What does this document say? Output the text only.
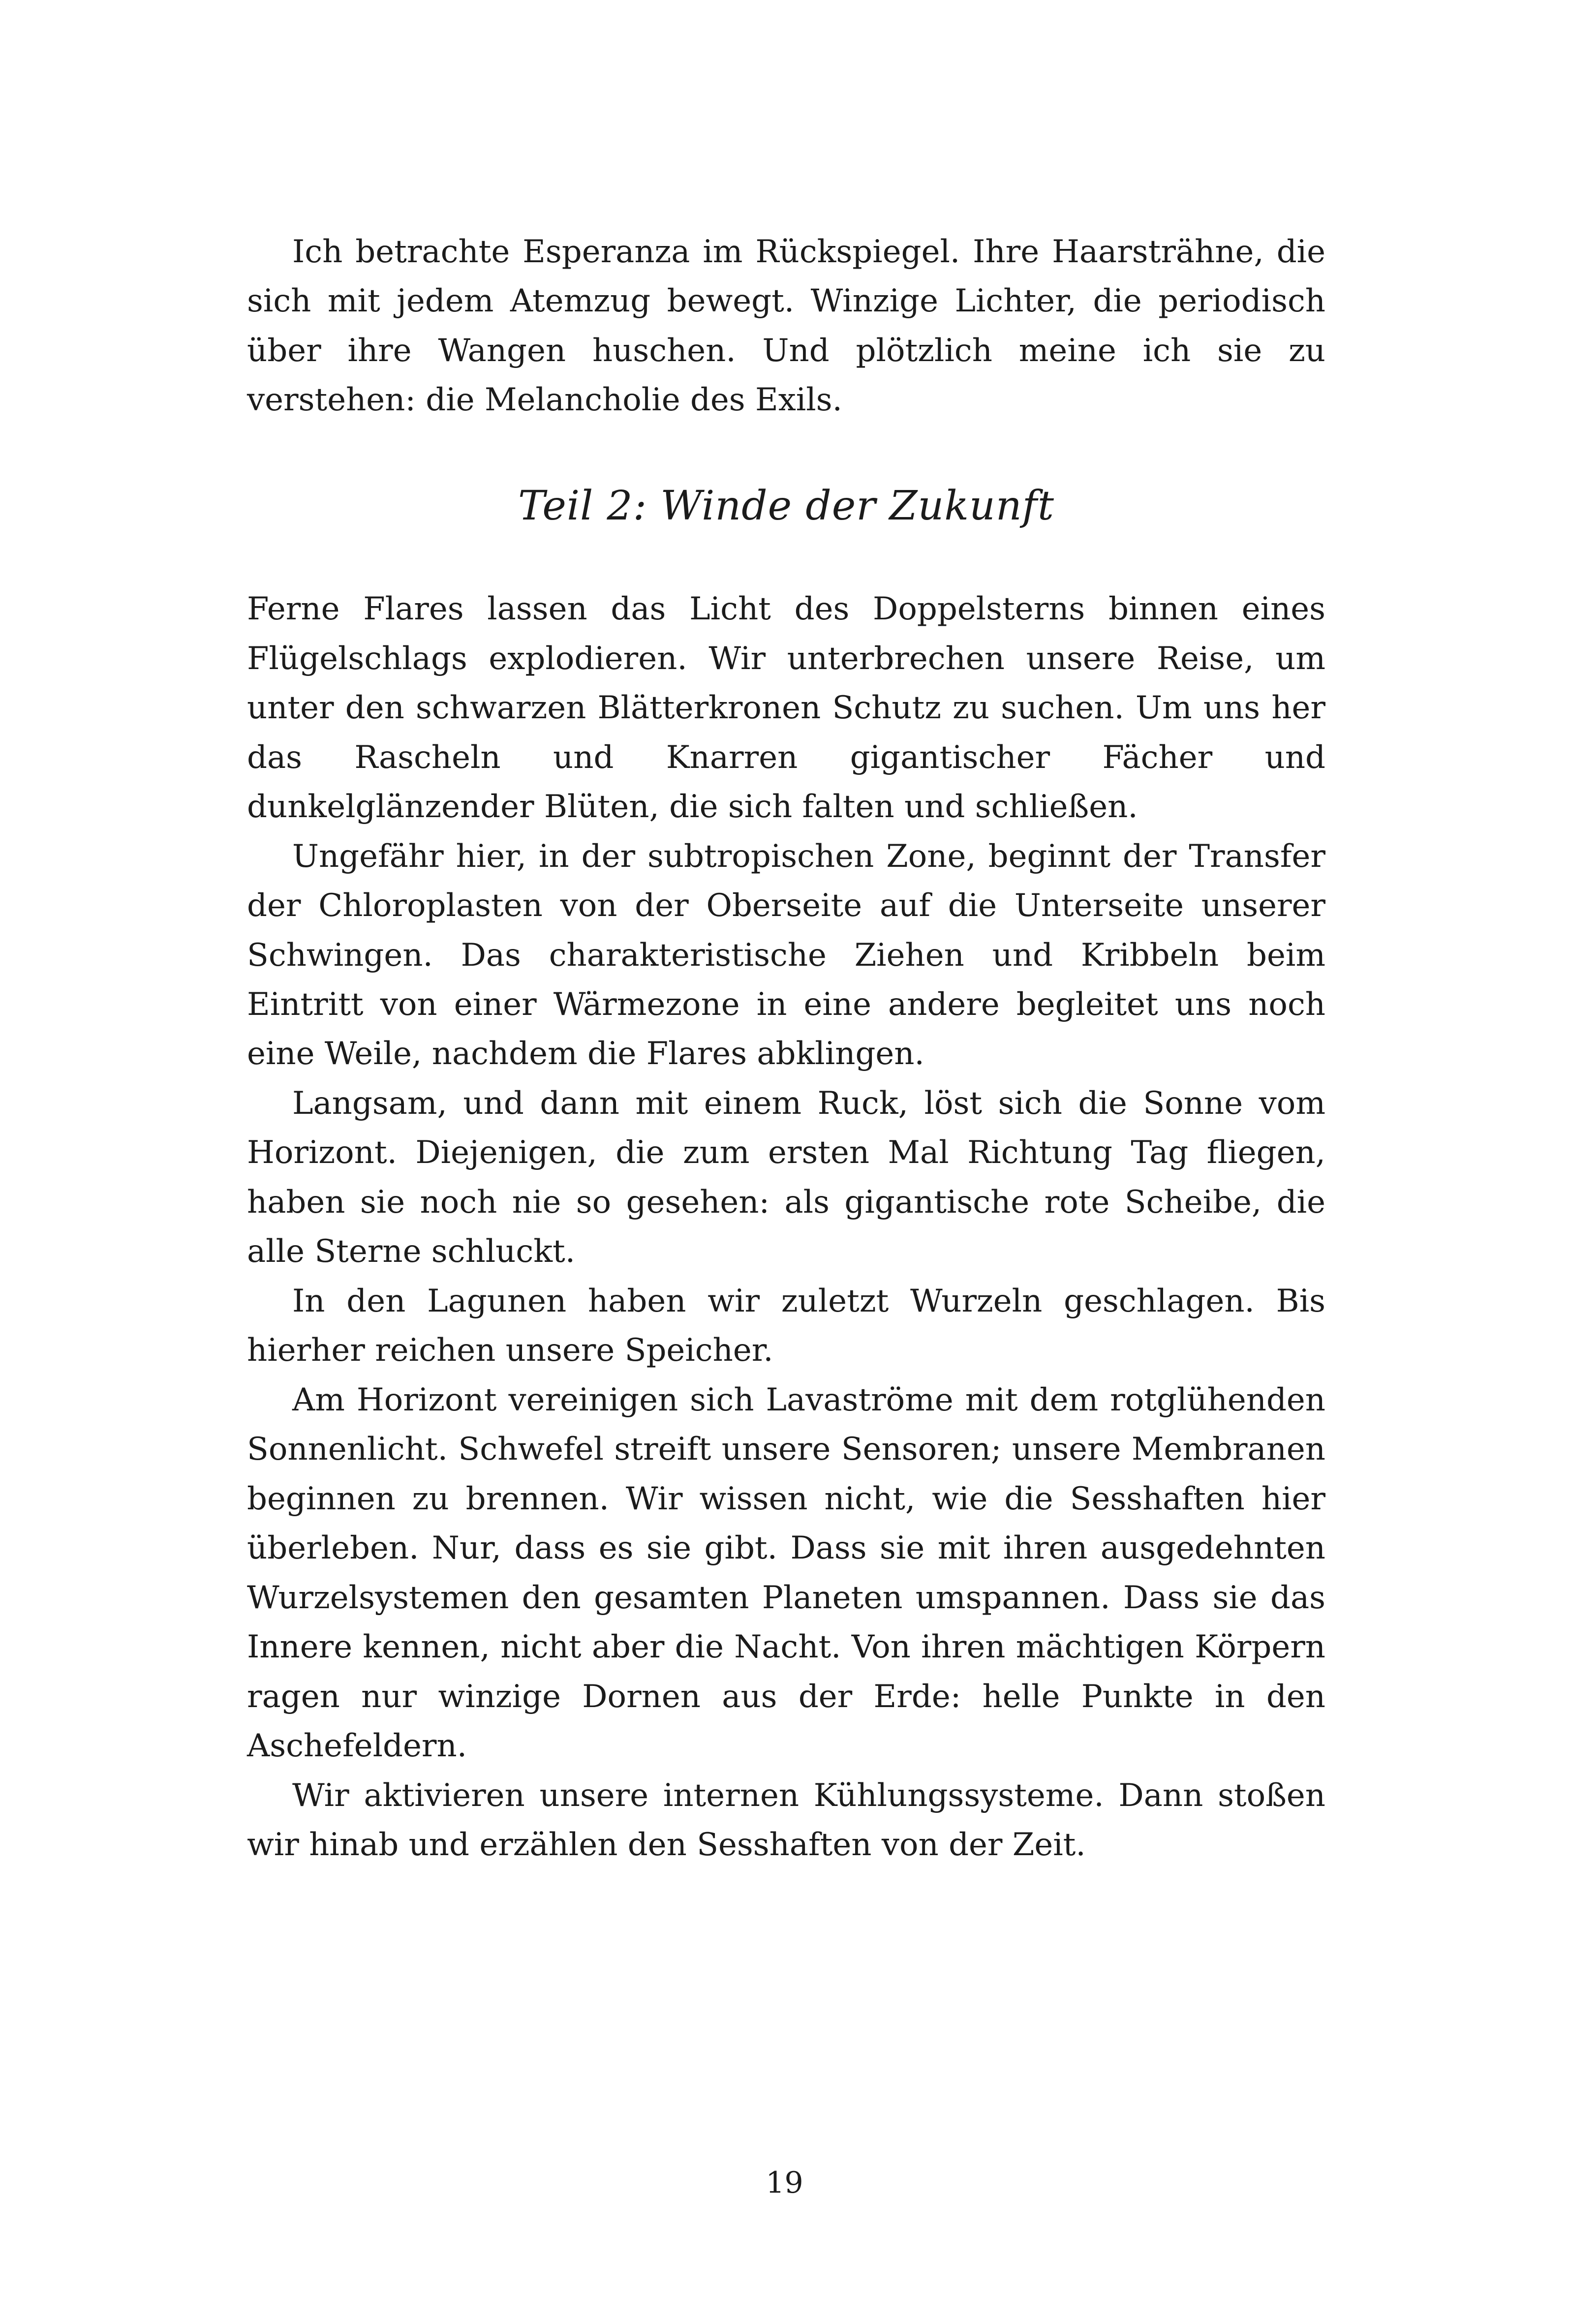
Ich betrachte Esperanza im Rückspiegel. Ihre Haarsträhne, die sich mit jedem Atemzug bewegt. Winzige Lichter, die periodisch über ihre Wangen huschen. Und plötzlich meine ich sie zu verstehen: die Melancholie des Exils.

Teil 2: Winde der Zukunft

Ferne Flares lassen das Licht des Doppelsterns binnen eines Flügelschlags explodieren. Wir unterbrechen unsere Reise, um unter den schwarzen Blätterkronen Schutz zu suchen. Um uns her das Rascheln und Knarren gigantischer Fächer und dunkelglänzender Blüten, die sich falten und schließen.

Ungefähr hier, in der subtropischen Zone, beginnt der Transfer der Chloroplasten von der Oberseite auf die Unterseite unserer Schwingen. Das charakteristische Ziehen und Kribbeln beim Eintritt von einer Wärmezone in eine andere begleitet uns noch eine Weile, nachdem die Flares abklingen.

Langsam, und dann mit einem Ruck, löst sich die Sonne vom Horizont. Diejenigen, die zum ersten Mal Richtung Tag fliegen, haben sie noch nie so gesehen: als gigantische rote Scheibe, die alle Sterne schluckt.

In den Lagunen haben wir zuletzt Wurzeln geschlagen. Bis hierher reichen unsere Speicher.

Am Horizont vereinigen sich Lavaströme mit dem rotglühenden Sonnenlicht. Schwefel streift unsere Sensoren; unsere Membranen beginnen zu brennen. Wir wissen nicht, wie die Sesshaften hier überleben. Nur, dass es sie gibt. Dass sie mit ihren ausgedehnten Wurzelsystemen den gesamten Planeten umspannen. Dass sie das Innere kennen, nicht aber die Nacht. Von ihren mächtigen Körpern ragen nur winzige Dornen aus der Erde: helle Punkte in den Aschefeldern.

Wir aktivieren unsere internen Kühlungssysteme. Dann stoßen wir hinab und erzählen den Sesshaften von der Zeit.

19
